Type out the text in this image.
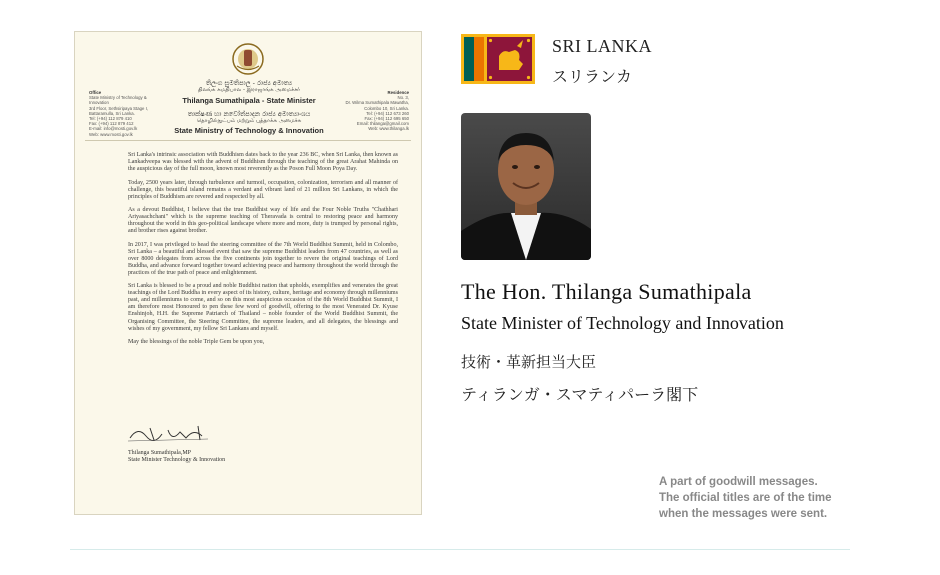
තිලංග සුමතිපාල - රාජ්‍ය අමාත්‍ය
திலங்க சுமதிபால - இராஜாங்க அமைச்சர்
Thilanga Sumathipala - State Minister
තාක්ෂණ හා නවෝත්පාදන රාජ්‍ය අමාත්‍යාංශය
தொழில்நுட்பம் மற்றும் புத்தாக்க அமைச்சு
State Ministry of Technology & Innovation
Office
State Ministry of Technology & Innovation
3rd Floor, Sethsiripaya Stage I,
Battaramulla, Sri Lanka.
Tel: (+94) 112 879 410
Fax: (+94) 112 879 412
E-mail: info@mosti.gov.lk
Web: www.mosti.gov.lk
Residence
No. 3,
Dr. Wilma Sumathipala Mawatha,
Colombo 10, Sri Lanka.
Tel: (+94) 112 673 260
Fax: (+94) 112 695 650
Email: thilanga@gmail.com
Web: www.thilanga.lk

Sri Lanka's intrinsic association with Buddhism dates back to the year 236 BC, when Sri Lanka, then known as Lankadveepa was blessed with the advent of Buddhism through the teaching of the great Arahat Mahinda on the auspicious day of the full moon, known most reverently as the Poson Full Moon Poya Day.

Today, 2500 years later, through turbulence and turmoil, occupation, colonization, terrorism and all manner of challenge, this beautiful island remains a verdant and vibrant land of 21 million Sri Lankans, in which the principles of Buddhism are revered and respected by all.

As a devout Buddhist, I believe that the true Buddhist way of life and the Four Noble Truths "Chathhari Ariyasachchani" which is the supreme teaching of Theravada is central to restoring peace and harmony throughout the world in this geo-political landscape where more and more, duty is trumped by personal rights, and brother rises against brother.

In 2017, I was privileged to head the steering committee of the 7th World Buddhist Summit, held in Colombo, Sri Lanka – a beautiful and blessed event that saw the supreme Buddhist leaders from 47 countries, as well as over 8000 delegates from across the five continents join together to revere the original teachings of Lord Buddha, and advance forward together toward achieving peace and harmony throughout the world through the practices of the true path of peace and enlightenment.

Sri Lanka is blessed to be a proud and noble Buddhist nation that upholds, exemplifies and venerates the great teachings of the Lord Buddha in every aspect of its history, culture, heritage and economy through millenniums past, and millenniums to come, and so on this most auspicious occasion of the 8th World Buddhist Summit, I am therefore most Honoured to pen these few word of goodwill, offering to the most Venerated Dr. Kyuse Enshinjoh, H.H. the Supreme Patriarch of Thailand – noble founder of the World Buddhist Summit, the Organising Committee, the Steering Committee, the supreme leaders, and all delegates, the blessings and wishes of my government, my fellow Sri Lankans and myself.

May the blessings of the noble Triple Gem be upon you,

Thilanga Sumathipala,MP
State Minister Technology & Innovation
SRI LANKA
スリランカ
The Hon. Thilanga Sumathipala
State Minister of Technology and Innovation
技術・革新担当大臣
ティランガ・スマティパーラ閣下
A part of goodwill messages.
The official titles are of the time
when the messages were sent.
